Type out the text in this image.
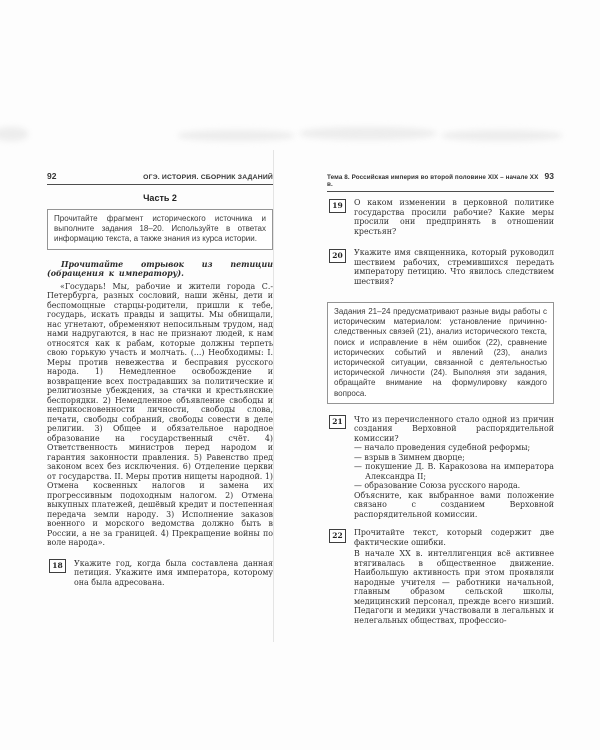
92	ОГЭ. ИСТОРИЯ. СБОРНИК ЗАДАНИЙ
Часть 2
Прочитайте фрагмент исторического источника и выполните задания 18–20. Используйте в ответах информацию текста, а также знания из курса истории.

Прочитайте отрывок из петиции (обращения к императору).

«Государь! Мы, рабочие и жители города С.-Петербурга, разных сословий, наши жёны, дети и беспомощные старцы-родители, пришли к тебе, государь, искать правды и защиты. Мы обнищали, нас угнетают, обременяют непосильным трудом, над нами надругаются, в нас не признают людей, к нам относятся как к рабам, которые должны терпеть свою горькую участь и молчать. (...) Необходимы: I. Меры против невежества и бесправия русского народа. 1) Немедленное освобождение и возвращение всех пострадавших за политические и религиозные убеждения, за стачки и крестьянские беспорядки. 2) Немедленное объявление свободы и неприкосновенности личности, свободы слова, печати, свободы собраний, свободы совести в деле религии. 3) Общее и обязательное народное образование на государственный счёт. 4) Ответственность министров перед народом и гарантия законности правления. 5) Равенство пред законом всех без исключения. 6) Отделение церкви от государства. II. Меры против нищеты народной. 1) Отмена косвенных налогов и замена их прогрессивным подоходным налогом. 2) Отмена выкупных платежей, дешёвый кредит и постепенная передача земли народу. 3) Исполнение заказов военного и морского ведомства должно быть в России, а не за границей. 4) Прекращение войны по воле народа».

18	Укажите год, когда была составлена данная петиция. Укажите имя императора, которому она была адресована.
Тема 8. Российская империя во второй половине XIX – начале XX в.
93
19	О каком изменении в церковной политике государства просили рабочие? Какие меры просили они предпринять в отношении крестьян?
20	Укажите имя священника, который руководил шествием рабочих, стремившихся передать императору петицию. Что явилось следствием шествия?
Задания 21–24 предусматривают разные виды работы с историческим материалом: установление причинно-следственных связей (21), анализ исторического текста, поиск и исправление в нём ошибок (22), сравнение исторических событий и явлений (23), анализ исторической ситуации, связанной с деятельностью исторической личности (24). Выполняя эти задания, обращайте внимание на формулировку каждого вопроса.
21	Что из перечисленного стало одной из причин создания Верховной распорядительной комиссии?

— начало проведения судебной реформы;
— взрыв в Зимнем дворце;
— покушение Д. В. Каракозова на императора Александра II;
— образование Союза русского народа.

Объясните, как выбранное вами положение связано с созданием Верховной распорядительной комиссии.

22	Прочитайте текст, который содержит две фактические ошибки.

В начале XX в. интеллигенция всё активнее втягивалась в общественное движение. Наибольшую активность при этом проявляли народные учителя — работники начальной, главным образом сельской школы, медицинский персонал, прежде всего низший. Педагоги и медики участвовали в легальных и нелегальных обществах, профессио-
